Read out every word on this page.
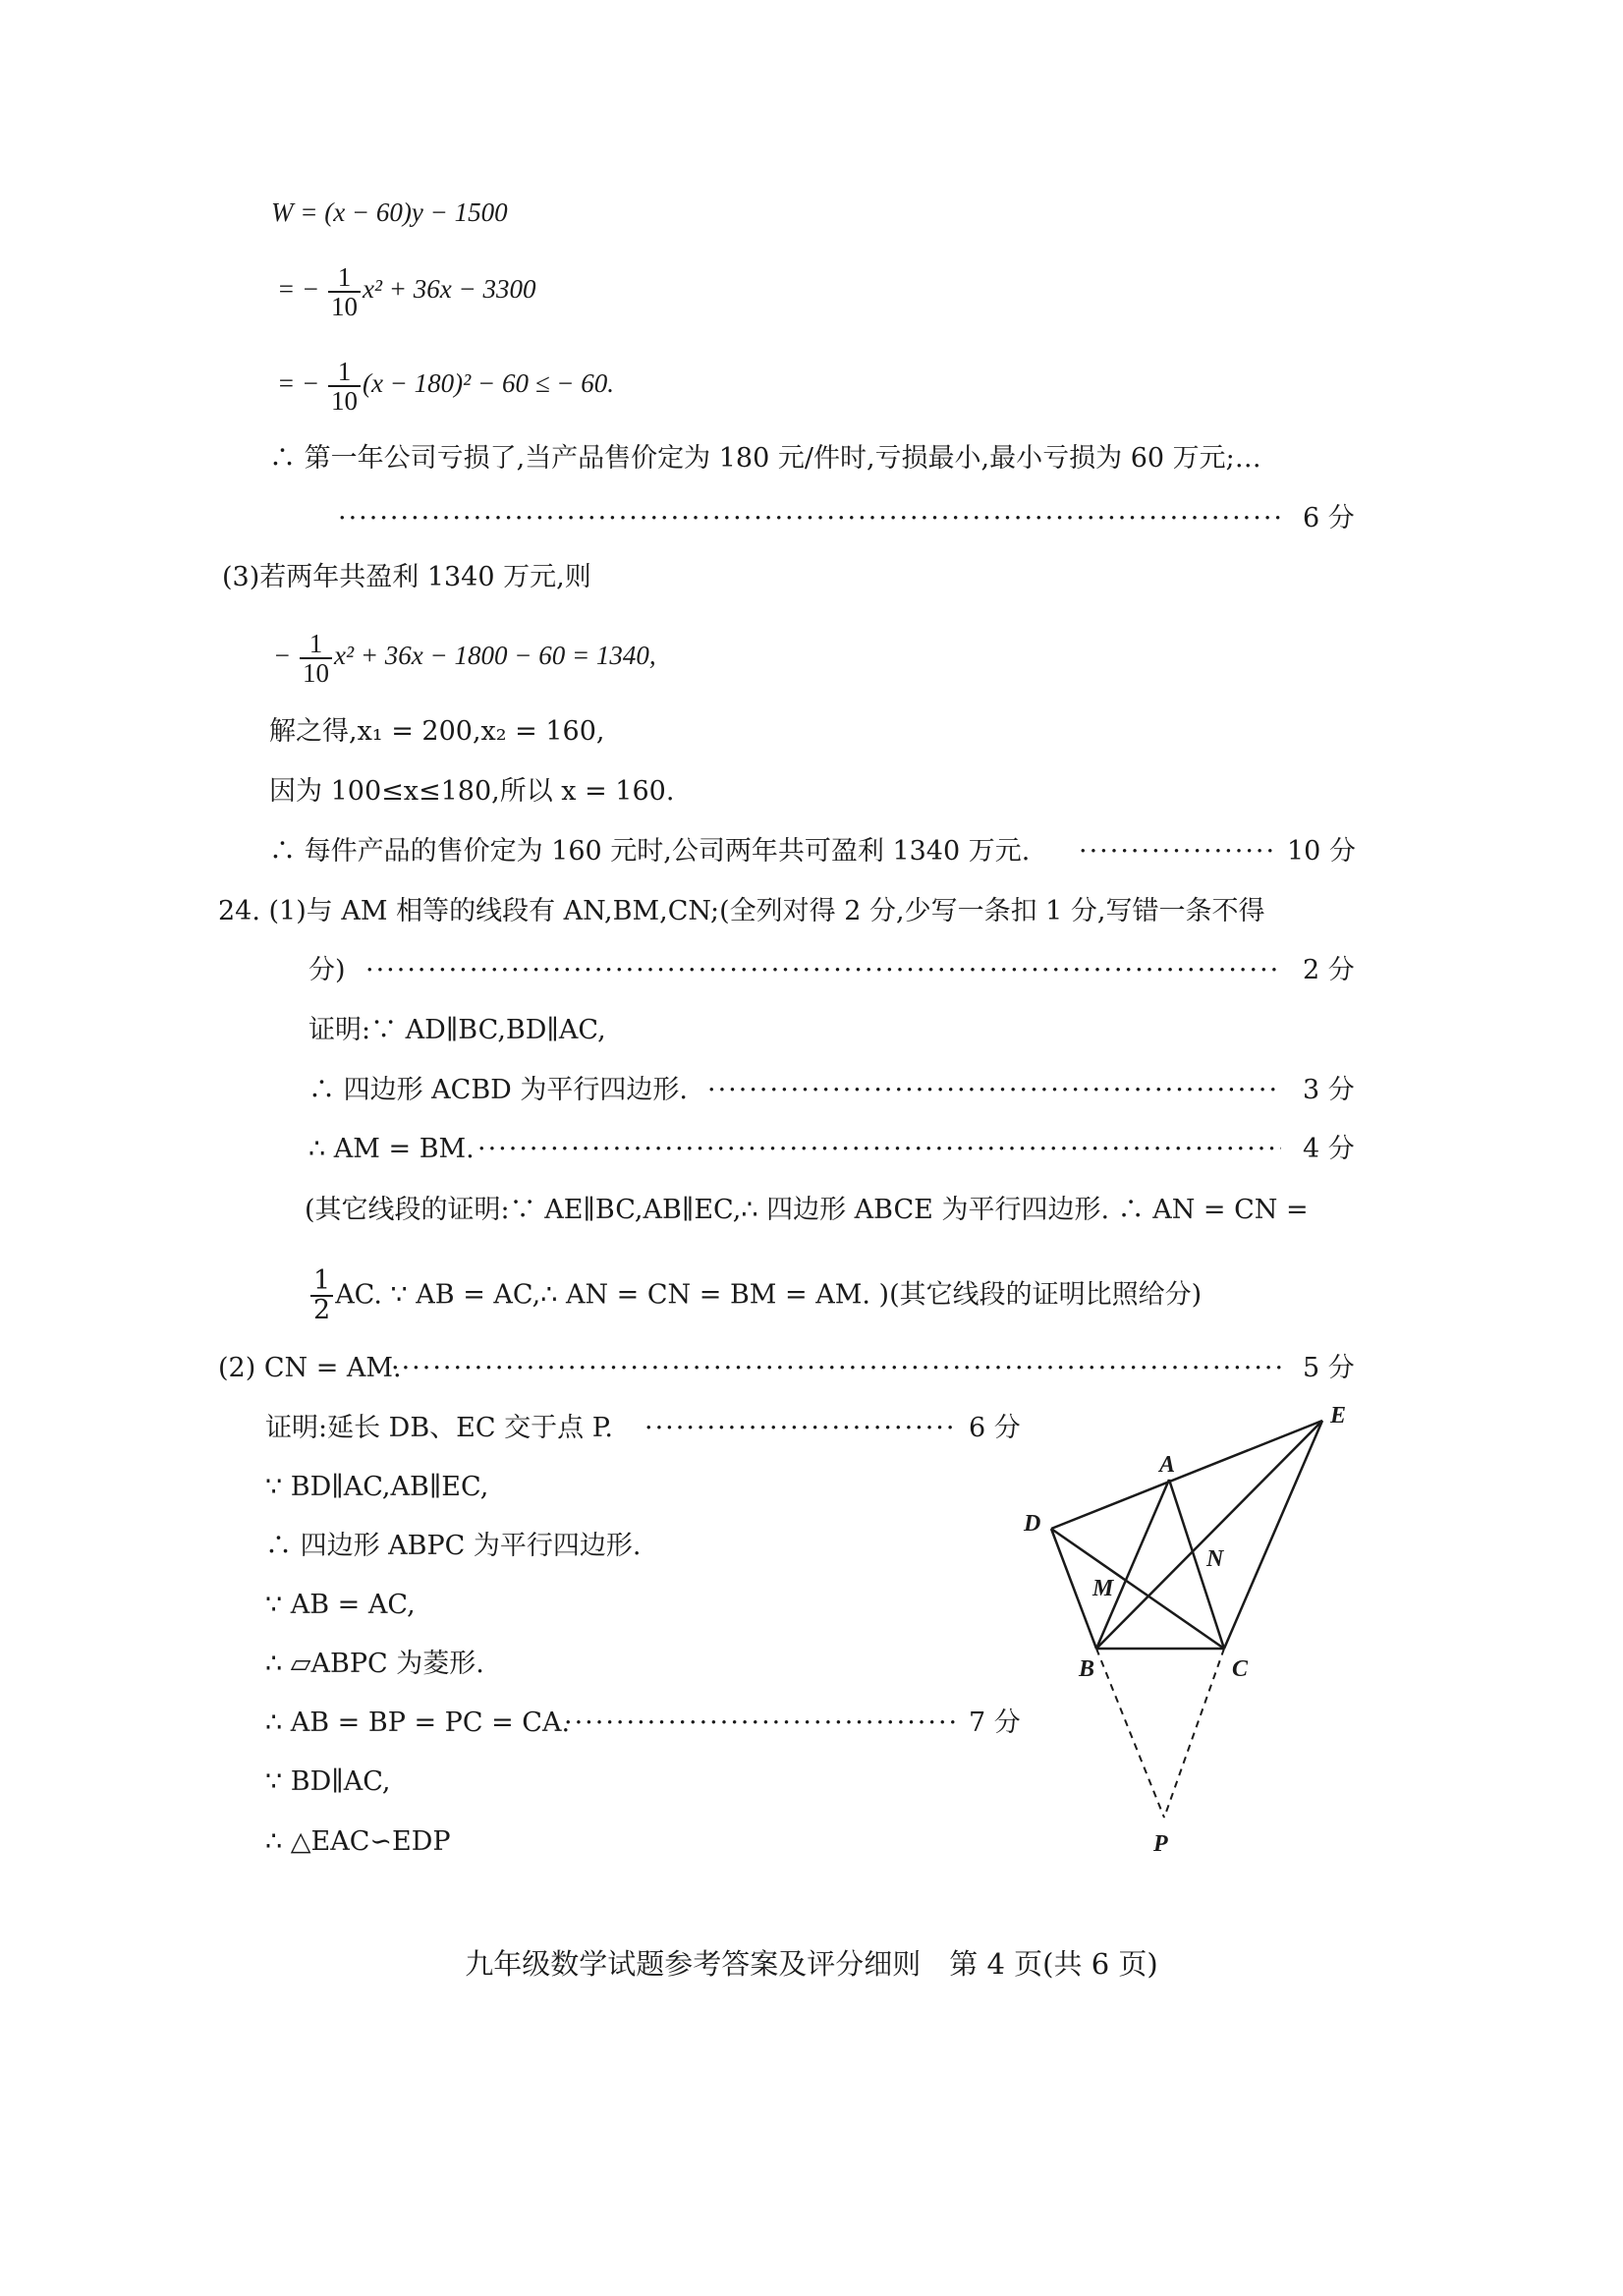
W = (x − 60)y − 1500
= − $\frac{1}{10} x^2 + 36x - 3300$
= − $\frac{1}{10} (x - 180)^2 - 60$ ≤ − 60.
∴ 第一年公司亏损了,当产品售价定为 180 元/件时,亏损最小,最小亏损为 60 万元;…
·····
6 分
(3)若两年共盈利 1340 万元,则
− $\frac{1}{10} x^2 + 36x - 1800 - 60 = 1340$,
解之得,x₁ = 200,x₂ = 160,
因为 100≤x≤180,所以 x = 160.
∴ 每件产品的售价定为 160 元时,公司两年共可盈利 1340 万元. ·····	10 分
24. (1)与 AM 相等的线段有 AN,BM,CN;(全列对得 2 分,少写一条扣 1 分,写错一条不得
分) ·····	2 分
证明:∵ AD∥BC,BD∥AC,
∴ 四边形 ACBD 为平行四边形. ·····	3 分
∴ AM = BM. ·····	4 分
(其它线段的证明:∵ AE∥BC,AB∥EC,∴ 四边形 ABCE 为平行四边形. ∴ AN = CN =
$\frac{1}{2}$ AC. ∵ AB = AC,∴ AN = CN = BM = AM. )(其它线段的证明比照给分)
(2) CN = AM. ·····	5 分
证明:延长 DB、EC 交于点 P. ·····	6 分
∵ BD∥AC,AB∥EC,
∴ 四边形 ABPC 为平行四边形.
∵ AB = AC,
∴ ▱ABPC 为菱形.
∴ AB = BP = PC = CA. ·····	7 分
∵ BD∥AC,
∴ △EAC∽EDP
A
B	C
D
E
M
N
P
九年级数学试题参考答案及评分细则　第 4 页(共 6 页)
